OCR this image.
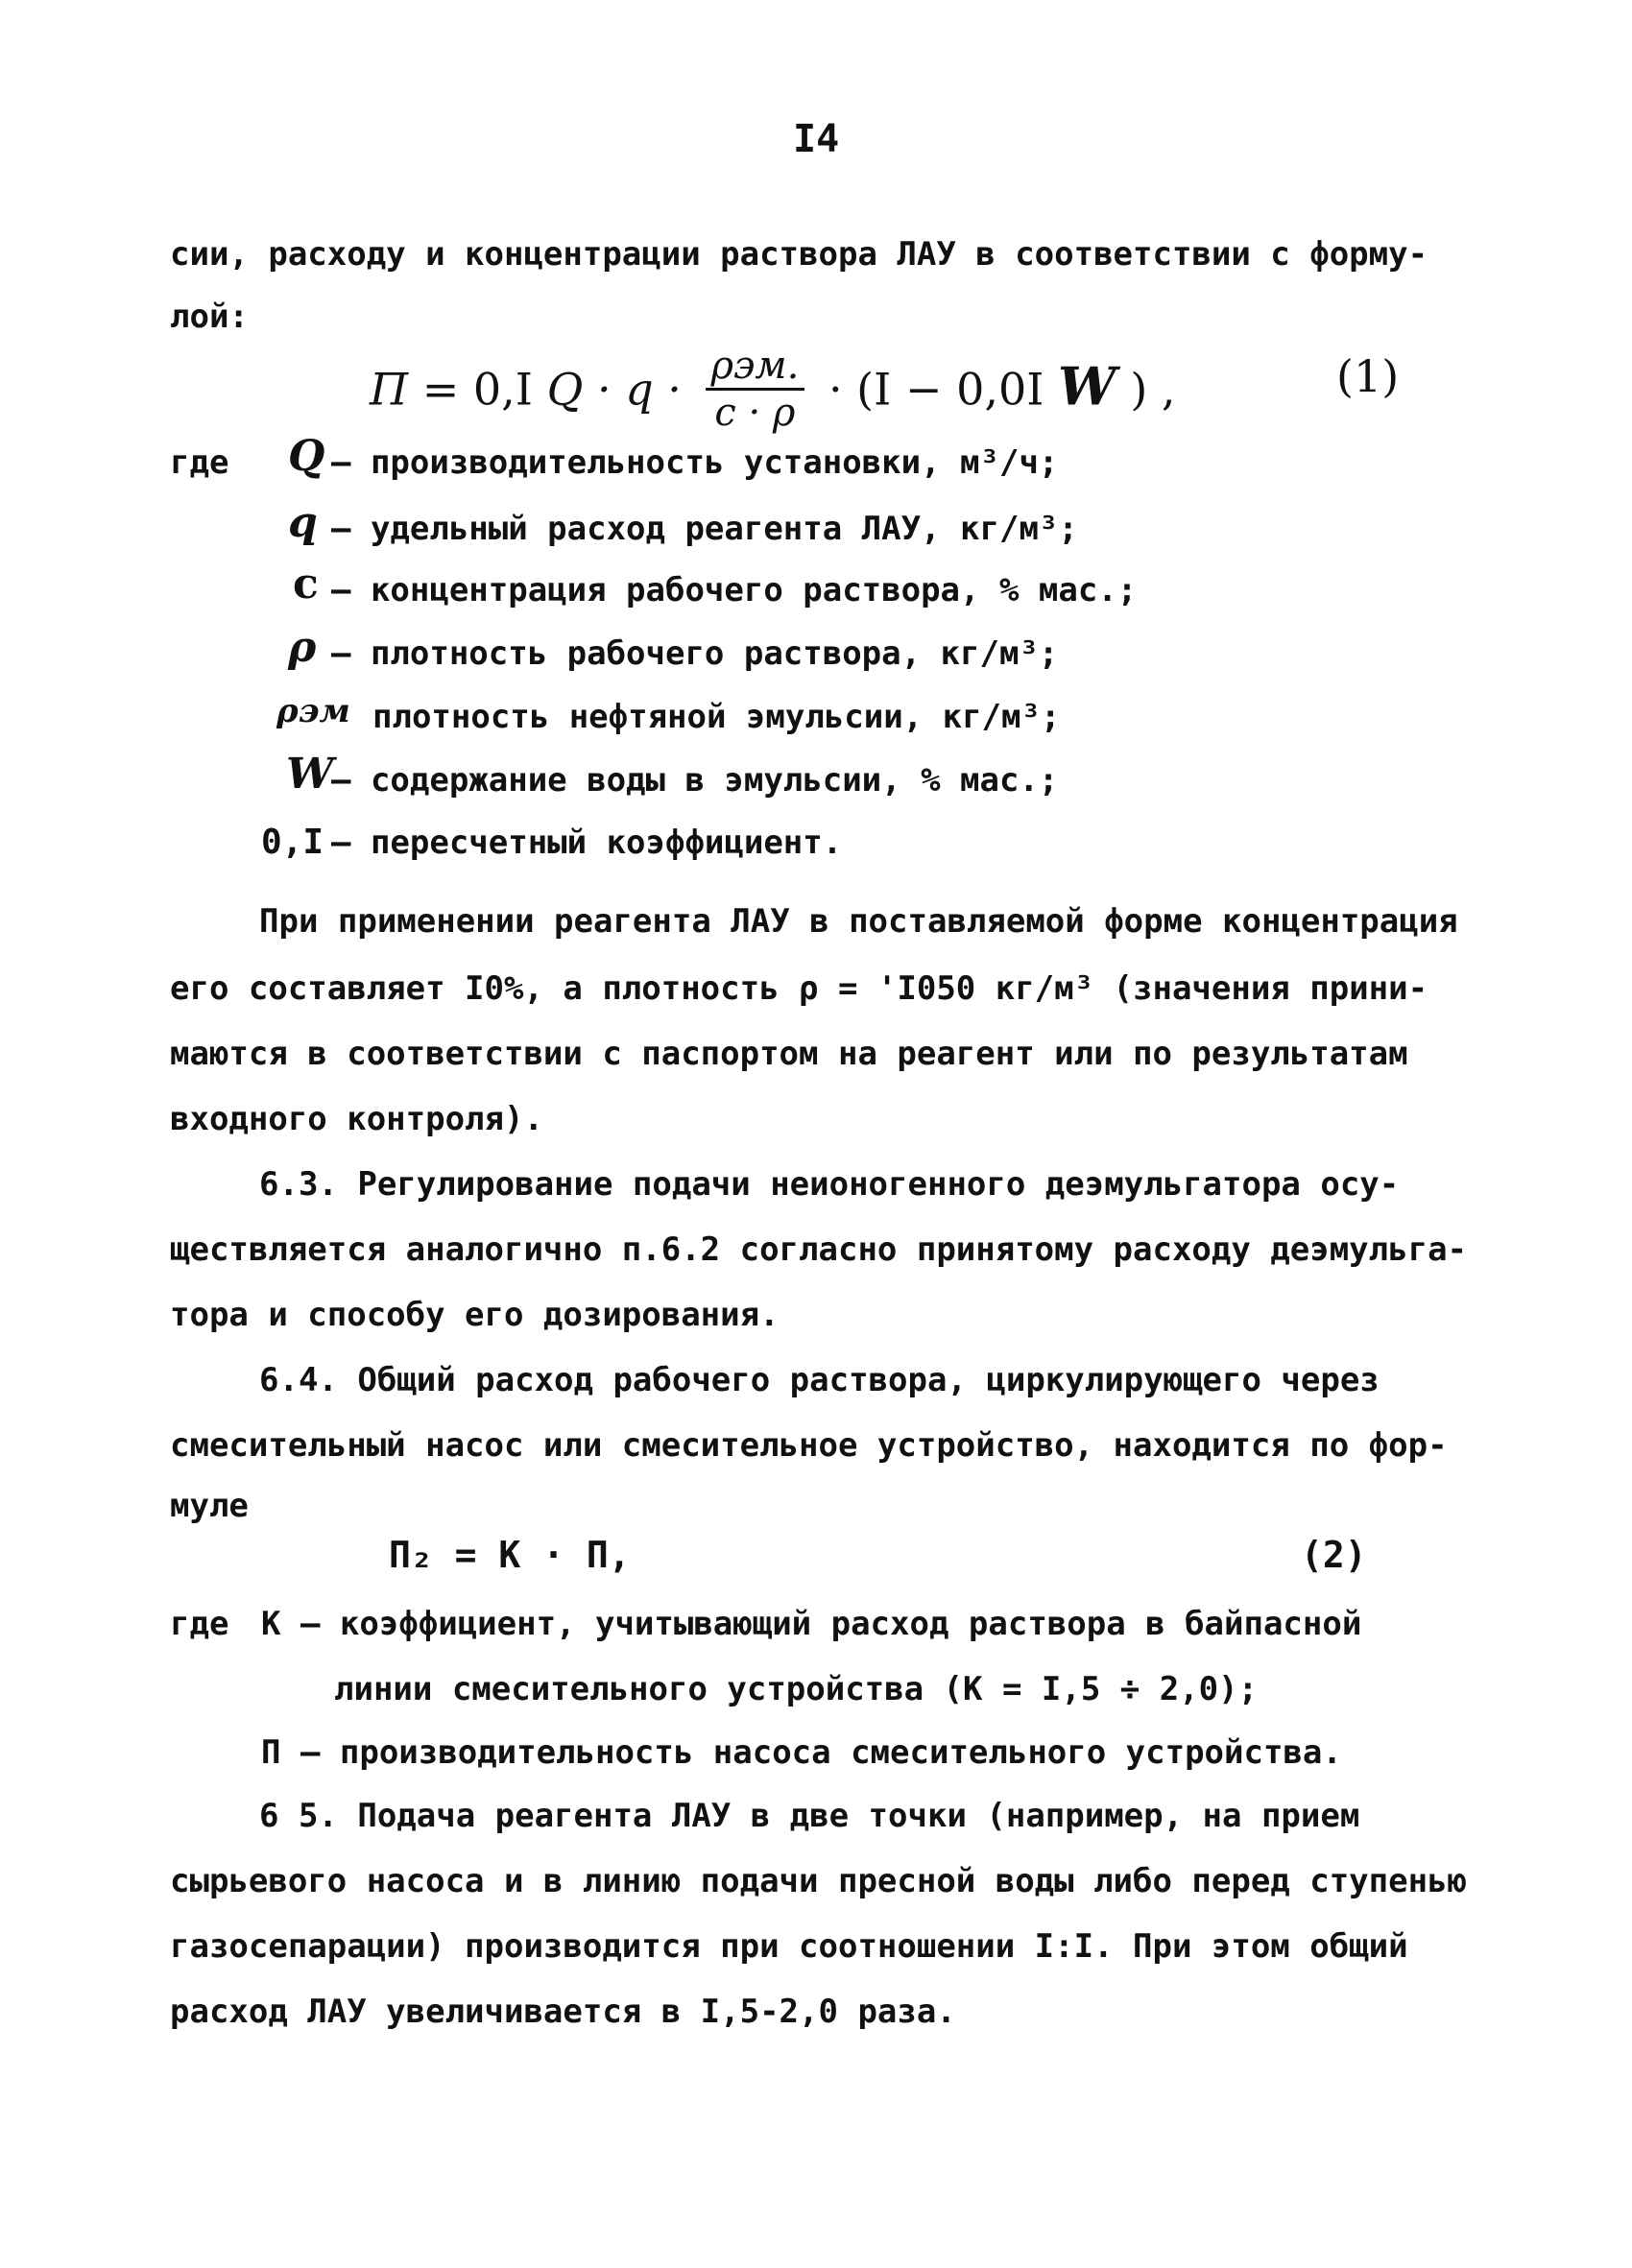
I4
сии, расходу и концентрации раствора ЛАУ в соответствии с форму-
лой:
П = 0,I $Q \cdot q \cdot \frac{\text{ρэм.}}{c \cdot \rho} \cdot (I - 0,0I$ W ) ,	(1)
где Q – производительность установки, м³/ч;
q – удельный расход реагента ЛАУ, кг/м³;
c – концентрация рабочего раствора, % мас.;
ρ – плотность рабочего раствора, кг/м³;
ρэм плотность нефтяной эмульсии, кг/м³;
W
– содержание воды в эмульсии, % мас.;
0,I – пересчетный коэффициент.
При применении реагента ЛАУ в поставляемой форме концентрация
его составляет I0%, а плотность ρ = 'I050 кг/м³ (значения прини-
маются в соответствии с паспортом на реагент или по результатам
входного контроля).
6.3. Регулирование подачи неионогенного деэмульгатора осу-
ществляется аналогично п.6.2 согласно принятому расходу деэмульга-
тора и способу его дозирования.
6.4. Общий расход рабочего раствора, циркулирующего через
смесительный насос или смесительное устройство, находится по фор-
муле
П₂ = К · П,	(2)
где К – коэффициент, учитывающий расход раствора в байпасной
линии смесительного устройства (К = I,5 ÷ 2,0);
П – производительность насоса смесительного устройства.
6 5. Подача реагента ЛАУ в две точки (например, на прием
сырьевого насоса и в линию подачи пресной воды либо перед ступенью
газосепарации) производится при соотношении I:I. При этом общий
расход ЛАУ увеличивается в I,5-2,0 раза.
